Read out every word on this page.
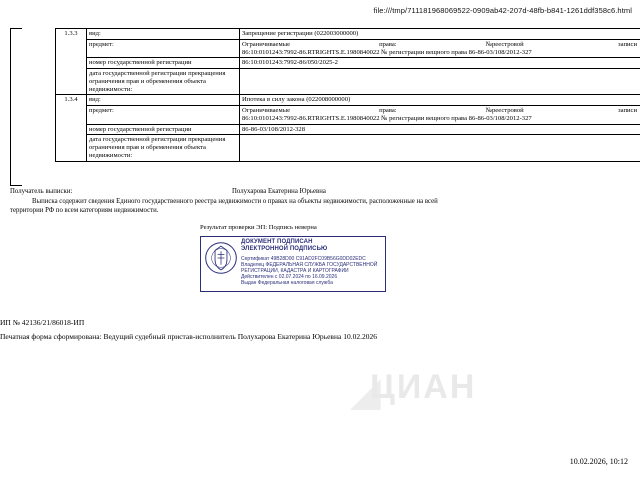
file:///tmp/711181968069522-0909ab42-207d-48fb-b841-1261ddf358c6.html
1.3.3	вид:	Запрещение регистрации (022003000000)
предмет:	Ограничиваемые	права:	№ реестровой	записи
86:10:0101243:7992-86.RTRIGHTS.E.1980840022 № регистрации вещного права 86-86-03/108/2012-327

	номер государственной регистрации	86:10:0101243:7992-86/050/2025-2
	дата государственной регистрации прекращения ограничения прав и обременения объекта недвижимости:	
1.3.4	вид:	Ипотека в силу закона (022008000000)
предмет:	Ограничиваемые	права:	№ реестровой	записи
86:10:0101243:7992-86.RTRIGHTS.E.1980840022 № регистрации вещного права 86-86-03/108/2012-327

	номер государственной регистрации	86-86-03/108/2012-328
	дата государственной регистрации прекращения ограничения прав и обременения объекта недвижимости:	
Получатель выписки:	Полухарова Екатерина Юрьевна
Выписка содержит сведения Единого государственного реестра недвижимости о правах на объекты недвижимости, расположенные на всей
территории РФ по всем категориям недвижимости.
Результат проверки ЭП: Подпись неверна
ДОКУМЕНТ ПОДПИСАН
ЭЛЕКТРОННОЙ ПОДПИСЬЮ
Сертификат 49B28D00 C91AD2FC09B56G0DD02EDC
Владелец ФЕДЕРАЛЬНАЯ СЛУЖБА ГОСУДАРСТВЕННОЙ
РЕГИСТРАЦИИ, КАДАСТРА И КАРТОГРАФИИ
Действителен с 02.07.2024 по 16.09.2026
Выдан Федеральная налоговая служба
ИП № 42136/21/86018-ИП
Печатная форма сформирована: Ведущий судебный пристав-исполнитель Полухарова Екатерина Юрьевна 10.02.2026
◢
ЦИАН
10.02.2026, 10:12
